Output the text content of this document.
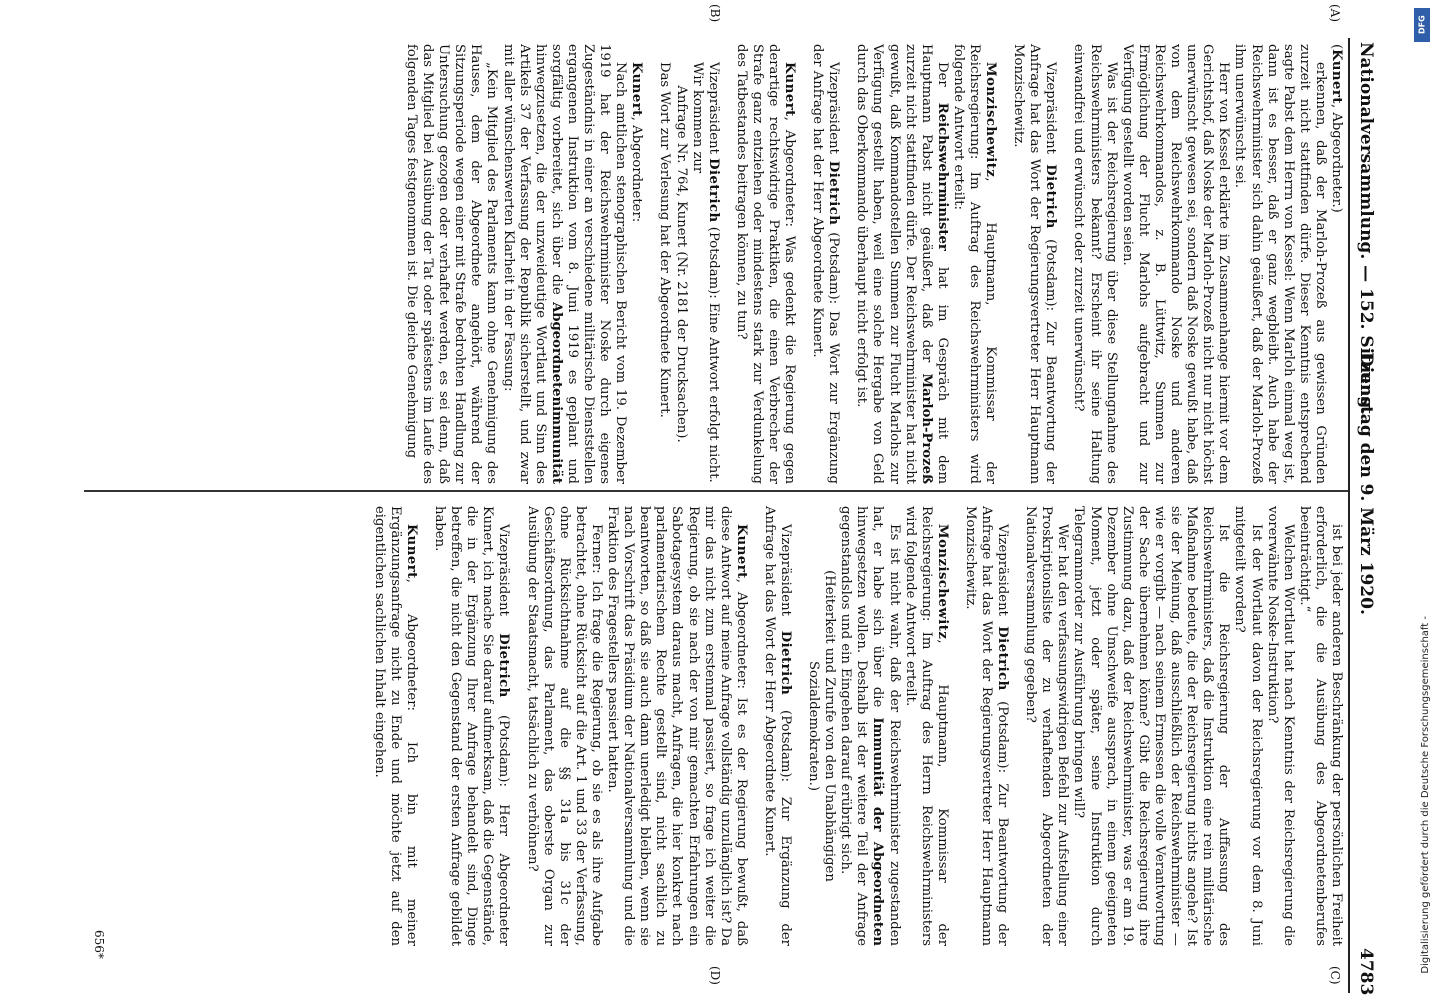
Nationalversammlung. — 152. Sitzung.
Dienstag den 9. März 1920.
4783
(A)
(B)
(C)
(D)

(Kunert, Abgeordneter.)

erkennen, daß der Marloh-Prozeß aus gewissen Gründen zurzeit nicht stattfinden dürfe. Dieser Kenntnis entsprechend sagte Pabst dem Herrn von Kessel: Wenn Marloh einmal weg ist, dann ist es besser, daß er ganz wegbleibt. Auch habe der Reichswehrminister sich dahin geäußert, daß der Marloh-Prozeß ihm unerwünscht sei.

Herr von Kessel erklärte im Zusammenhange hiermit vor dem Gerichtshof, daß Noske der Marloh-Prozeß nicht nur nicht höchst unerwünscht gewesen sei, sondern daß Noske gewußt habe, daß von dem Reichswehrkommando Noske und anderen Reichswehrkommandos, z. B. Lüttwitz, Summen zur Ermöglichung der Flucht Marlohs aufgebracht und zur Verfügung gestellt worden seien.

Was ist der Reichsregierung über diese Stellungnahme des Reichswehrministers bekannt? Erscheint ihr seine Haltung einwandfrei und erwünscht oder zurzeit unerwünscht?

Vizepräsident Dietrich (Potsdam): Zur Beantwortung der Anfrage hat das Wort der Regierungsvertreter Herr Hauptmann Monzischewitz.

Monzischewitz, Hauptmann, Kommissar der Reichsregierung: Im Auftrag des Reichswehrministers wird folgende Antwort erteilt:

Der Reichswehrminister hat im Gespräch mit dem Hauptmann Pabst nicht geäußert, daß der Marloh-Prozeß zurzeit nicht stattfinden dürfe. Der Reichswehrminister hat nicht gewußt, daß Kommandostellen Summen zur Flucht Marlohs zur Verfügung gestellt haben, weil eine solche Hergabe von Geld durch das Oberkommando überhaupt nicht erfolgt ist.

Vizepräsident Dietrich (Potsdam): Das Wort zur Ergänzung der Anfrage hat der Herr Abgeordnete Kunert.

Kunert, Abgeordneter: Was gedenkt die Regierung gegen derartige rechtswidrige Praktiken, die einen Verbrecher der Strafe ganz entziehen oder mindestens stark zur Verdunkelung des Tatbestandes beitragen können, zu tun?

Vizepräsident Dietrich (Potsdam): Eine Antwort erfolgt nicht.

Wir kommen zur

Anfrage Nr. 764, Kunert (Nr. 2181 der Drucksachen).

Das Wort zur Verlesung hat der Abgeordnete Kunert.

Kunert, Abgeordneter:

Nach amtlichen stenographischen Bericht vom 19. Dezember 1919 hat der Reichswehrminister Noske durch eigenes Zugeständnis in einer an verschiedene militärische Dienststellen ergangenen Instruktion vom 8. Juni 1919 es geplant und sorgfältig vorbereitet, sich über die Abgeordnetenimmunität hinwegzusetzen, die der unzweideutige Wortlaut und Sinn des Artikels 37 der Verfassung der Republik sicherstellt, und zwar mit aller wünschenswerten Klarheit in der Fassung:

„Kein Mitglied des Parlaments kann ohne Genehmigung des Hauses, dem der Abgeordnete angehört, während der Sitzungsperiode wegen einer mit Strafe bedrohten Handlung zur Untersuchung gezogen oder verhaftet werden, es sei denn, daß das Mitglied bei Ausübung der Tat oder spätestens im Laufe des folgenden Tages festgenommen ist. Die gleiche Genehmigung

ist bei jeder anderen Beschränkung der persönlichen Freiheit erforderlich, die die Ausübung des Abgeordnetenberufes beeinträchtigt.“

Welchen Wortlaut hat nach Kenntnis der Reichsregierung die vorerwähnte Noske-Instruktion?

Ist der Wortlaut davon der Reichsregierung vor dem 8. Juni mitgeteilt worden?

Ist die Reichsregierung der Auffassung des Reichswehrministers, daß die Instruktion eine rein militärische Maßnahme bedeute, die der Reichsregierung nichts angehe? Ist sie der Meinung, daß ausschließlich der Reichswehrminister — wie er vorgibt — nach seinem Ermessen die volle Verantwortung der Sache übernehmen könne? Gibt die Reichsregierung ihre Zustimmung dazu, daß der Reichswehrminister, was er am 19. Dezember ohne Umschweife aussprach, in einem geeigneten Moment, jetzt oder später, seine Instruktion durch Telegrammorder zur Ausführung bringen will?

Wer hat den verfassungswidrigen Befehl zur Aufstellung einer Proskriptionsliste der zu verhaftenden Abgeordneten der Nationalversammlung gegeben?

Vizepräsident Dietrich (Potsdam): Zur Beantwortung der Anfrage hat das Wort der Regierungsvertreter Herr Hauptmann Monzischewitz.

Monzischewitz, Hauptmann, Kommissar der Reichsregierung: Im Auftrag des Herrn Reichswehrministers wird folgende Antwort erteilt.

Es ist nicht wahr, daß der Reichswehrminister zugestanden hat, er habe sich über die Immunität der Abgeordneten hinwegsetzen wollen. Deshalb ist der weitere Teil der Anfrage gegenstandslos und ein Eingehen darauf erübrigt sich.

(Heiterkeit und Zurufe von den Unabhängigen Sozialdemokraten.)

Vizepräsident Dietrich (Potsdam): Zur Ergänzung der Anfrage hat das Wort der Herr Abgeordnete Kunert.

Kunert, Abgeordneter: Ist es der Regierung bewußt, daß diese Antwort auf meine Anfrage vollständig unzulänglich ist? Da mir das nicht zum erstenmal passiert, so frage ich weiter die Regierung, ob sie nach der von mir gemachten Erfahrungen ein Sabotagesystem daraus macht, Anfragen, die hier konkret nach parlamentarischem Rechte gestellt sind, nicht sachlich zu beantworten, so daß sie auch dann unerledigt bleiben, wenn sie nach Vorschrift das Präsidium der Nationalversammlung und die Fraktion des Fragestellers passiert hatten.

Ferner: Ich frage die Regierung, ob sie es als ihre Aufgabe betrachtet, ohne Rücksicht auf die Art. 1 und 33 der Verfassung, ohne Rücksichtnahme auf die §§ 31a bis 31c der Geschäftsordnung, das Parlament, das oberste Organ zur Ausübung der Staatsmacht, tatsächlich zu verhöhnen?

Vizepräsident Dietrich (Potsdam): Herr Abgeordneter Kunert, ich mache Sie darauf aufmerksam, daß die Gegenstände, die in der Ergänzung Ihrer Anfrage behandelt sind, Dinge betreffen, die nicht den Gegenstand der ersten Anfrage gebildet haben.

Kunert, Abgeordneter: Ich bin mit meiner Ergänzungsanfrage nicht zu Ende und möchte jetzt auf den eigentlichen sachlichen Inhalt eingehen.

656*
DFG
Digitalisierung gefördert durch die Deutsche Forschungsgemeinschaft -
